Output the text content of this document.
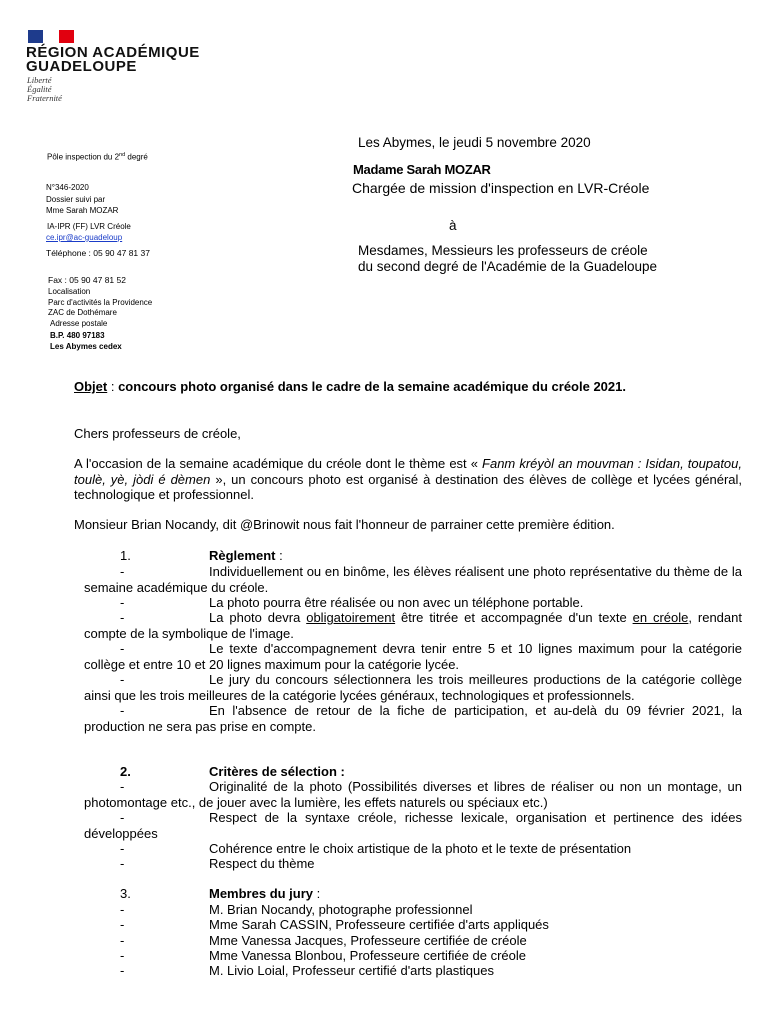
RÉGION ACADÉMIQUE
GUADELOUPE
Liberté
Égalité
Fraternité
Pôle inspection du 2nd degré
N°346-2020
Dossier suivi par
Mme Sarah MOZAR
IA-IPR (FF) LVR Créole
ce.ipr@ac-guadeloup
Téléphone : 05 90 47 81 37
Fax : 05 90 47 81 52
Localisation
Parc d'activités la Providence
ZAC de Dothémare
Adresse postale
B.P. 480 97183
Les Abymes cedex
Les Abymes, le jeudi 5 novembre 2020
Madame Sarah MOZAR
Chargée de mission d'inspection en LVR-Créole
à
Mesdames, Messieurs les professeurs de créole
du second degré de l'Académie de la Guadeloupe
Objet : concours photo organisé dans le cadre de la semaine académique du créole 2021.
Chers professeurs de créole,
A l'occasion de la semaine académique du créole dont le thème est « Fanm kréyòl an mouvman : Isidan, toupatou, toulè, yè, jòdi é dèmen », un concours photo est organisé à destination des élèves de collège et lycées général, technologique et professionnel.
Monsieur Brian Nocandy, dit @Brinowit nous fait l'honneur de parrainer cette première édition.
1.	Règlement :
-	Individuellement ou en binôme, les élèves réalisent une photo représentative du thème de la semaine académique du créole.
-	La photo pourra être réalisée ou non avec un téléphone portable.
-	La photo devra obligatoirement être titrée et accompagnée d'un texte en créole, rendant compte de la symbolique de l'image.
-	Le texte d'accompagnement devra tenir entre 5 et 10 lignes maximum pour la catégorie collège et entre 10 et 20 lignes maximum pour la catégorie lycée.
-	Le jury du concours sélectionnera les trois meilleures productions de la catégorie collège ainsi que les trois meilleures de la catégorie lycées généraux, technologiques et professionnels.
-	En l'absence de retour de la fiche de participation, et au-delà du 09 février 2021, la production ne sera pas prise en compte.
2.	Critères de sélection :
-	Originalité de la photo (Possibilités diverses et libres de réaliser ou non un montage, un photomontage etc., de jouer avec la lumière, les effets naturels ou spéciaux etc.)
-	Respect de la syntaxe créole, richesse lexicale, organisation et pertinence des idées développées
-	Cohérence entre le choix artistique de la photo et le texte de présentation
-	Respect du thème
3.	Membres du jury :
-	M. Brian Nocandy, photographe professionnel
-	Mme Sarah CASSIN, Professeure certifiée d'arts appliqués
-	Mme Vanessa Jacques, Professeure certifiée de créole
-	Mme Vanessa Blonbou, Professeure certifiée de créole
-	M. Livio Loial, Professeur certifié d'arts plastiques
